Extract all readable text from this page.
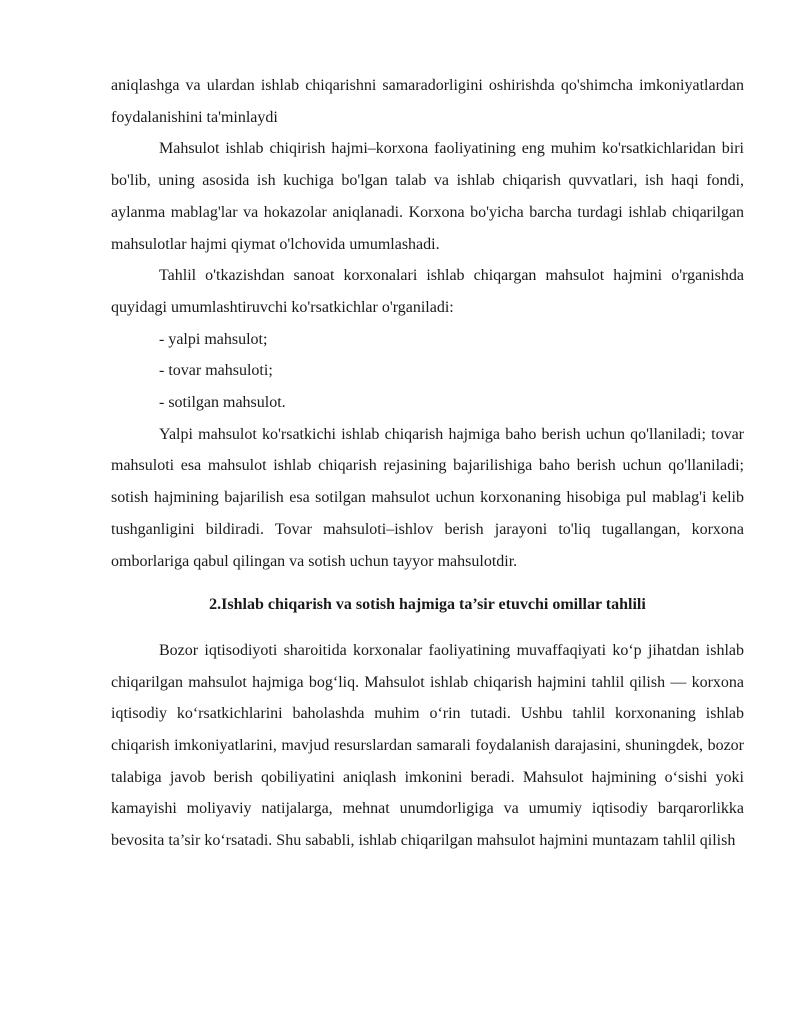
aniqlashga va ulardan ishlab chiqarishni samaradorligini oshirishda qo'shimcha imkoniyatlardan foydalanishini ta'minlaydi

Mahsulot ishlab chiqirish hajmi–korxona faoliyatining eng muhim ko'rsatkichlaridan biri bo'lib, uning asosida ish kuchiga bo'lgan talab va ishlab chiqarish quvvatlari, ish haqi fondi, aylanma mablag'lar va hokazolar aniqlanadi. Korxona bo'yicha barcha turdagi ishlab chiqarilgan mahsulotlar hajmi qiymat o'lchovida umumlashadi.

Tahlil o'tkazishdan sanoat korxonalari ishlab chiqargan mahsulot hajmini o'rganishda quyidagi umumlashtiruvchi ko'rsatkichlar o'rganiladi:

- yalpi mahsulot;

- tovar mahsuloti;

- sotilgan mahsulot.

Yalpi mahsulot ko'rsatkichi ishlab chiqarish hajmiga baho berish uchun qo'llaniladi; tovar mahsuloti esa mahsulot ishlab chiqarish rejasining bajarilishiga baho berish uchun qo'llaniladi; sotish hajmining bajarilish esa sotilgan mahsulot uchun korxonaning hisobiga pul mablag'i kelib tushganligini bildiradi. Tovar mahsuloti–ishlov berish jarayoni to'liq tugallangan, korxona omborlariga qabul qilingan va sotish uchun tayyor mahsulotdir.

2.Ishlab chiqarish va sotish hajmiga ta’sir etuvchi omillar tahlili

Bozor iqtisodiyoti sharoitida korxonalar faoliyatining muvaffaqiyati ko‘p jihatdan ishlab chiqarilgan mahsulot hajmiga bog‘liq. Mahsulot ishlab chiqarish hajmini tahlil qilish — korxona iqtisodiy ko‘rsatkichlarini baholashda muhim o‘rin tutadi. Ushbu tahlil korxonaning ishlab chiqarish imkoniyatlarini, mavjud resurslardan samarali foydalanish darajasini, shuningdek, bozor talabiga javob berish qobiliyatini aniqlash imkonini beradi. Mahsulot hajmining o‘sishi yoki kamayishi moliyaviy natijalarga, mehnat unumdorligiga va umumiy iqtisodiy barqarorlikka bevosita ta’sir ko‘rsatadi. Shu sababli, ishlab chiqarilgan mahsulot hajmini muntazam tahlil qilish
